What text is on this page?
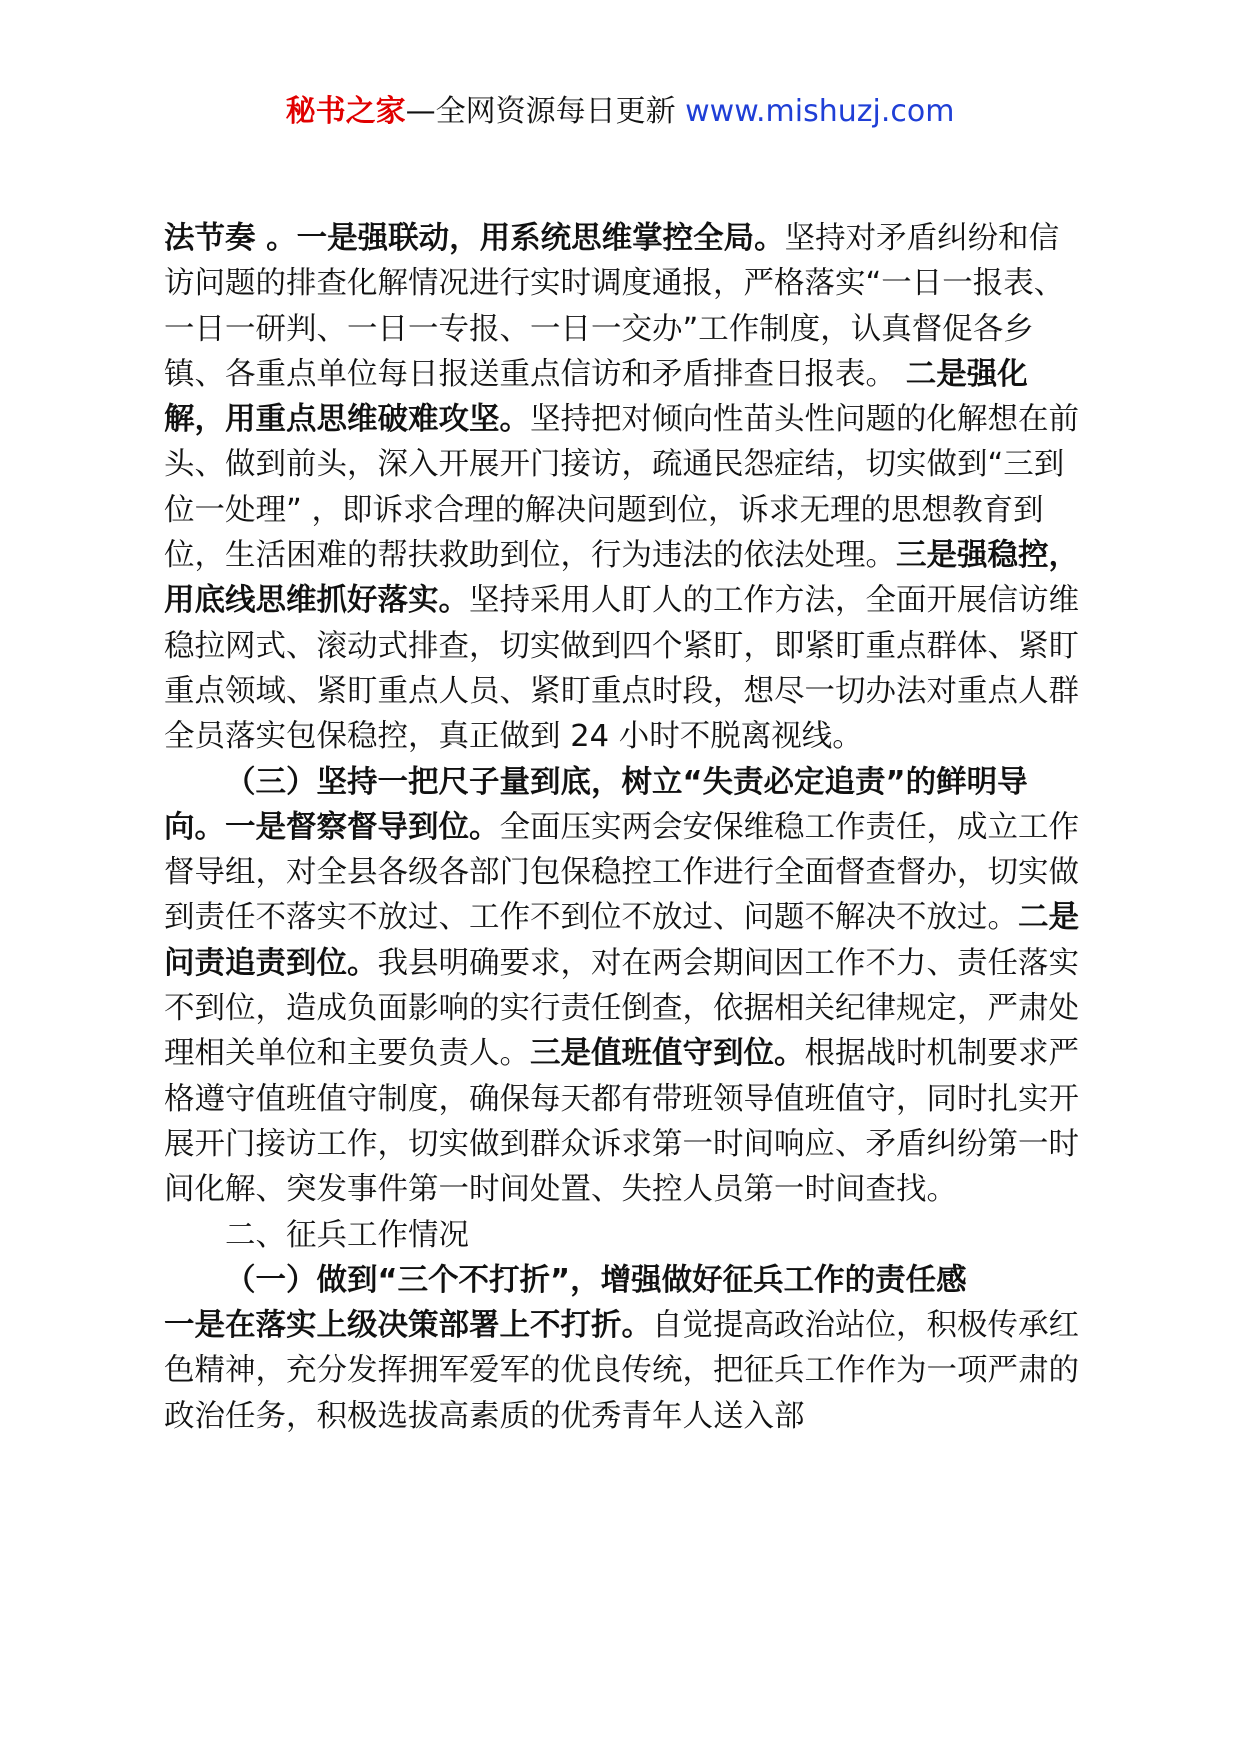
秘书之家—全网资源每日更新 www.mishuzj.com

法节奏 。一是强联动，用系统思维掌控全局。坚持对矛盾纠纷和信访问题的排查化解情况进行实时调度通报，严格落实“一日一报表、一日一研判、一日一专报、一日一交办”工作制度，认真督促各乡镇、各重点单位每日报送重点信访和矛盾排查日报表。 二是强化解，用重点思维破难攻坚。坚持把对倾向性苗头性问题的化解想在前头、做到前头，深入开展开门接访，疏通民怨症结，切实做到“三到位一处理” ，即诉求合理的解决问题到位，诉求无理的思想教育到位，生活困难的帮扶救助到位，行为违法的依法处理。三是强稳控，用底线思维抓好落实。坚持采用人盯人的工作方法，全面开展信访维稳拉网式、滚动式排查，切实做到四个紧盯，即紧盯重点群体、紧盯重点领域、紧盯重点人员、紧盯重点时段，想尽一切办法对重点人群全员落实包保稳控，真正做到 24 小时不脱离视线。

（三）坚持一把尺子量到底，树立“失责必定追责”的鲜明导向。一是督察督导到位。全面压实两会安保维稳工作责任，成立工作督导组，对全县各级各部门包保稳控工作进行全面督查督办，切实做到责任不落实不放过、工作不到位不放过、问题不解决不放过。二是问责追责到位。我县明确要求，对在两会期间因工作不力、责任落实不到位，造成负面影响的实行责任倒查，依据相关纪律规定，严肃处理相关单位和主要负责人。三是值班值守到位。根据战时机制要求严格遵守值班值守制度，确保每天都有带班领导值班值守，同时扎实开展开门接访工作，切实做到群众诉求第一时间响应、矛盾纠纷第一时间化解、突发事件第一时间处置、失控人员第一时间查找。

二、征兵工作情况

（一）做到“三个不打折”，增强做好征兵工作的责任感

一是在落实上级决策部署上不打折。自觉提高政治站位，积极传承红色精神，充分发挥拥军爱军的优良传统，把征兵工作作为一项严肃的政治任务，积极选拔高素质的优秀青年人送入部
